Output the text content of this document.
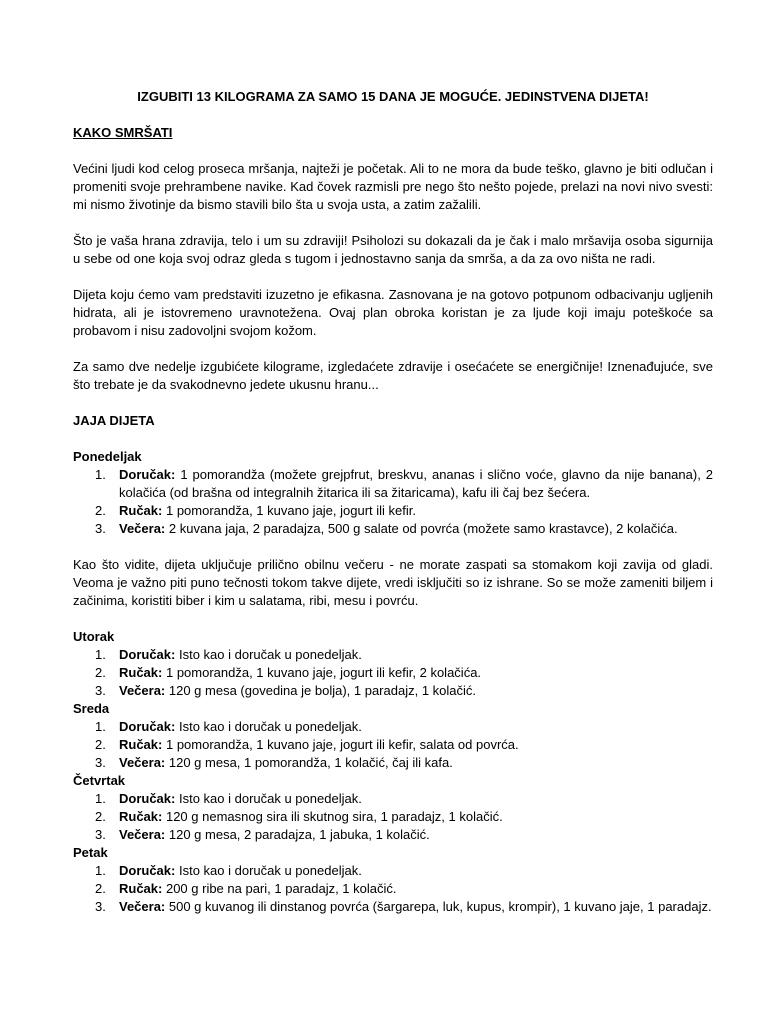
IZGUBITI 13 KILOGRAMA ZA SAMO 15 DANA JE MOGUĆE. JEDINSTVENA DIJETA!

KAKO SMRŠATI

Većini ljudi kod celog proseca mršanja, najteži je početak. Ali to ne mora da bude teško, glavno je biti odlučan i promeniti svoje prehrambene navike. Kad čovek razmisli pre nego što nešto pojede, prelazi na novi nivo svesti: mi nismo životinje da bismo stavili bilo šta u svoja usta, a zatim zažalili.

Što je vaša hrana zdravija, telo i um su zdraviji! Psiholozi su dokazali da je čak i malo mršavija osoba sigurnija u sebe od one koja svoj odraz gleda s tugom i jednostavno sanja da smrša, a da za ovo ništa ne radi.

Dijeta koju ćemo vam predstaviti izuzetno je efikasna. Zasnovana je na gotovo potpunom odbacivanju ugljenih hidrata, ali je istovremeno uravnotežena. Ovaj plan obroka koristan je za ljude koji imaju poteškoće sa probavom i nisu zadovoljni svojom kožom.

Za samo dve nedelje izgubićete kilograme, izgledaćete zdravije i osećaćete se energičnije! Iznenađujuće, sve što trebate je da svakodnevno jedete ukusnu hranu...

JAJA DIJETA

Ponedeljak

1. Doručak: 1 pomorandža (možete grejpfrut, breskvu, ananas i slično voće, glavno da nije banana), 2 kolačića (od brašna od integralnih žitarica ili sa žitaricama), kafu ili čaj bez šećera.
2. Ručak: 1 pomorandža, 1 kuvano jaje, jogurt ili kefir.
3. Večera: 2 kuvana jaja, 2 paradajza, 500 g salate od povrća (možete samo krastavce), 2 kolačića.

Kao što vidite, dijeta uključuje prilično obilnu večeru - ne morate zaspati sa stomakom koji zavija od gladi. Veoma je važno piti puno tečnosti tokom takve dijete, vredi isključiti so iz ishrane. So se može zameniti biljem i začinima, koristiti biber i kim u salatama, ribi, mesu i povrću.

Utorak

1. Doručak: Isto kao i doručak u ponedeljak.
2. Ručak: 1 pomorandža, 1 kuvano jaje, jogurt ili kefir, 2 kolačića.
3. Večera: 120 g mesa (govedina je bolja), 1 paradajz, 1 kolačić.

Sreda

1. Doručak: Isto kao i doručak u ponedeljak.
2. Ručak: 1 pomorandža, 1 kuvano jaje, jogurt ili kefir, salata od povrća.
3. Večera: 120 g mesa, 1 pomorandža, 1 kolačić, čaj ili kafa.

Četvrtak

1. Doručak: Isto kao i doručak u ponedeljak.
2. Ručak: 120 g nemasnog sira ili skutnog sira, 1 paradajz, 1 kolačić.
3. Večera: 120 g mesa, 2 paradajza, 1 jabuka, 1 kolačić.

Petak

1. Doručak: Isto kao i doručak u ponedeljak.
2. Ručak: 200 g ribe na pari, 1 paradajz, 1 kolačić.
3. Večera: 500 g kuvanog ili dinstanog povrća (šargarepa, luk, kupus, krompir), 1 kuvano jaje, 1 paradajz.
